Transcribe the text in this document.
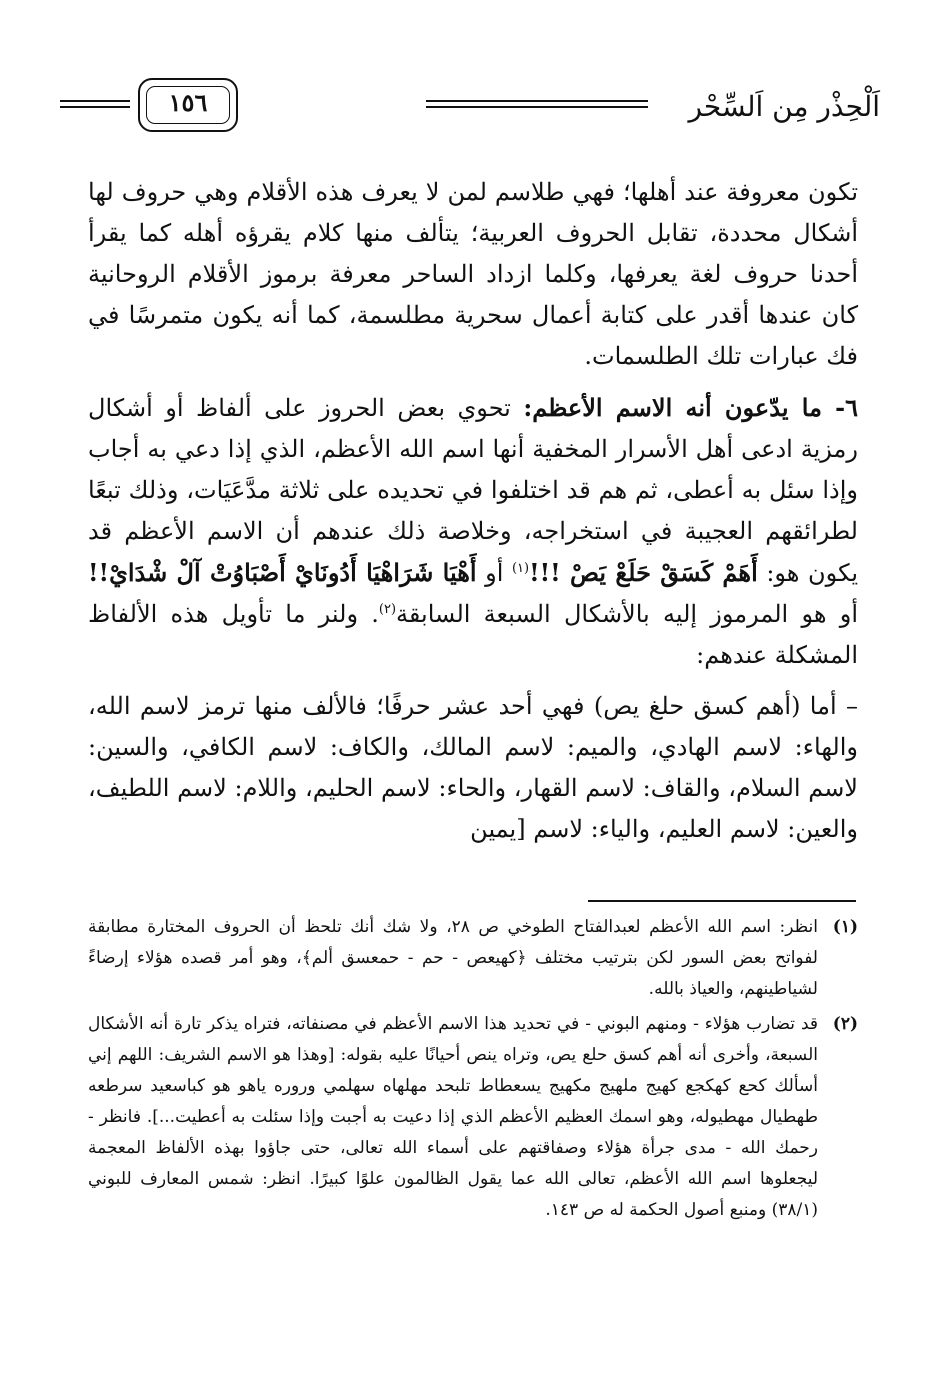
اَلْحِذْر مِن اَلسِّحْر
١٥٦

تكون معروفة عند أهلها؛ فهي طلاسم لمن لا يعرف هذه الأقلام وهي حروف لها أشكال محددة، تقابل الحروف العربية؛ يتألف منها كلام يقرؤه أهله كما يقرأ أحدنا حروف لغة يعرفها، وكلما ازداد الساحر معرفة برموز الأقلام الروحانية كان عندها أقدر على كتابة أعمال سحرية مطلسمة، كما أنه يكون متمرسًا في فك عبارات تلك الطلسمات.

٦- ما يدّعون أنه الاسم الأعظم: تحوي بعض الحروز على ألفاظ أو أشكال رمزية ادعى أهل الأسرار المخفية أنها اسم الله الأعظم، الذي إذا دعي به أجاب وإذا سئل به أعطى، ثم هم قد اختلفوا في تحديده على ثلاثة مدَّعَيَات، وذلك تبعًا لطرائقهم العجيبة في استخراجه، وخلاصة ذلك عندهم أن الاسم الأعظم قد يكون هو: أَهَمْ كَسَقْ حَلَعْ يَصْ !!!$^{(١)}$ أو أَهْيَا شَرَاهْيَا أَدُونَايْ أَصْبَاوُتْ آلْ شْدَايْ!! أو هو المرموز إليه بالأشكال السبعة السابقة$^{(٢)}$. ولنر ما تأويل هذه الألفاظ المشكلة عندهم:

– أما (أهم كسق حلغ يص) فهي أحد عشر حرفًا؛ فالألف منها ترمز لاسم الله، والهاء: لاسم الهادي، والميم: لاسم المالك، والكاف: لاسم الكافي، والسين: لاسم السلام، والقاف: لاسم القهار، والحاء: لاسم الحليم، واللام: لاسم اللطيف، والعين: لاسم العليم، والياء: لاسم [يمين

(١)
انظر: اسم الله الأعظم لعبدالفتاح الطوخي ص ٢٨، ولا شك أنك تلحظ أن الحروف المختارة مطابقة لفواتح بعض السور لكن بترتيب مختلف ﴿كهيعص - حم - حمعسق ألم﴾، وهو أمر قصده هؤلاء إرضاءً لشياطينهم، والعياذ بالله.
(٢)
قد تضارب هؤلاء - ومنهم البوني - في تحديد هذا الاسم الأعظم في مصنفاته، فتراه يذكر تارة أنه الأشكال السبعة، وأخرى أنه أهم كسق حلع يص، وتراه ينص أحيانًا عليه بقوله: [وهذا هو الاسم الشريف: اللهم إني أسألك كحع كهكجع كهيج ملهيج مكهيج يسعطاط تلبحد مهلهاه سهلمي وروره ياهو هو كباسعيد سرطعه طهطيال مهطيوله، وهو اسمك العظيم الأعظم الذي إذا دعيت به أجبت وإذا سئلت به أعطيت...]. فانظر - رحمك الله - مدى جرأة هؤلاء وصفاقتهم على أسماء الله تعالى، حتى جاؤوا بهذه الألفاظ المعجمة ليجعلوها اسم الله الأعظم، تعالى الله عما يقول الظالمون علوًا كبيرًا. انظر: شمس المعارف للبوني (٣٨/١) ومنبع أصول الحكمة له ص ١٤٣.
